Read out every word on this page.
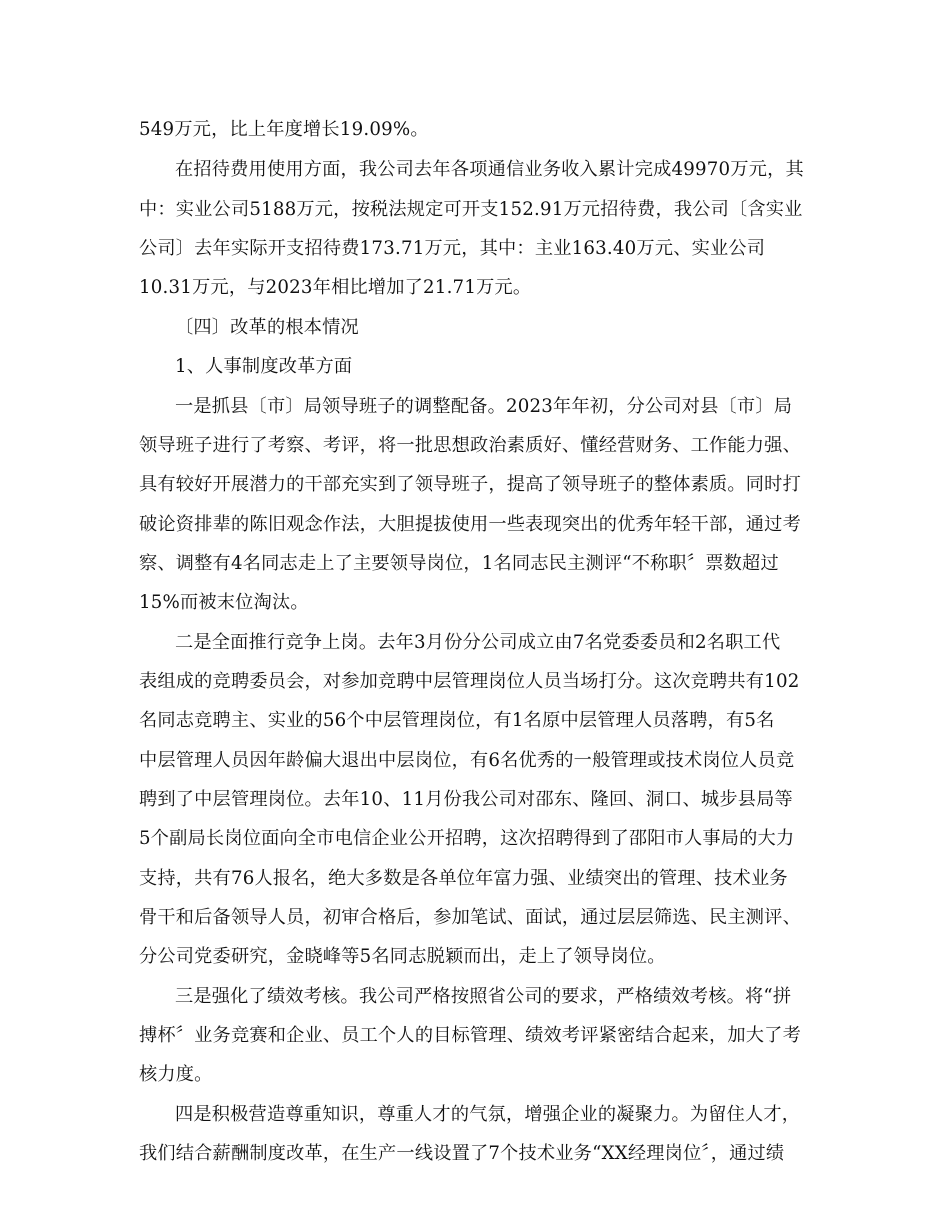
549万元，比上年度增长19.09%。
在招待费用使用方面，我公司去年各项通信业务收入累计完成49970万元，其
中：实业公司5188万元，按税法规定可开支152.91万元招待费，我公司〔含实业
公司〕去年实际开支招待费173.71万元，其中：主业163.40万元、实业公司
10.31万元，与2023年相比增加了21.71万元。
〔四〕改革的根本情况
1、人事制度改革方面
一是抓县〔市〕局领导班子的调整配备。2023年年初，分公司对县〔市〕局
领导班子进行了考察、考评，将一批思想政治素质好、懂经营财务、工作能力强、
具有较好开展潜力的干部充实到了领导班子，提高了领导班子的整体素质。同时打
破论资排辈的陈旧观念作法，大胆提拔使用一些表现突出的优秀年轻干部，通过考
察、调整有4名同志走上了主要领导岗位，1名同志民主测评“不称职〞票数超过
15%而被末位淘汰。
二是全面推行竞争上岗。去年3月份分公司成立由7名党委委员和2名职工代
表组成的竞聘委员会，对参加竞聘中层管理岗位人员当场打分。这次竞聘共有102
名同志竞聘主、实业的56个中层管理岗位，有1名原中层管理人员落聘，有5名
中层管理人员因年龄偏大退出中层岗位，有6名优秀的一般管理或技术岗位人员竞
聘到了中层管理岗位。去年10、11月份我公司对邵东、隆回、洞口、城步县局等
5个副局长岗位面向全市电信企业公开招聘，这次招聘得到了邵阳市人事局的大力
支持，共有76人报名，绝大多数是各单位年富力强、业绩突出的管理、技术业务
骨干和后备领导人员，初审合格后，参加笔试、面试，通过层层筛选、民主测评、
分公司党委研究，金晓峰等5名同志脱颖而出，走上了领导岗位。
三是强化了绩效考核。我公司严格按照省公司的要求，严格绩效考核。将“拼
搏杯〞业务竞赛和企业、员工个人的目标管理、绩效考评紧密结合起来，加大了考
核力度。
四是积极营造尊重知识，尊重人才的气氛，增强企业的凝聚力。为留住人才，
我们结合薪酬制度改革，在生产一线设置了7个技术业务“XX经理岗位〞，通过绩
